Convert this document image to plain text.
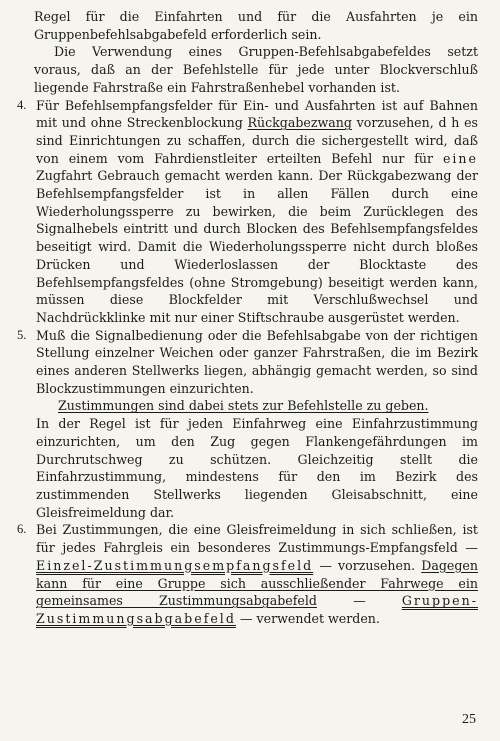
Regel für die Einfahrten und für die Ausfahrten je ein Gruppenbefehlsabgabefeld erforderlich sein.

Die Verwendung eines Gruppen-Befehlsabgabefeldes setzt voraus, daß an der Befehlstelle für jede unter Blockverschluß liegende Fahrstraße ein Fahrstraßenhebel vorhanden ist.

4. Für Befehlsempfangsfelder für Ein- und Ausfahrten ist auf Bahnen mit und ohne Streckenblockung Rückgabezwang vorzusehen, d h es sind Einrichtungen zu schaffen, durch die sichergestellt wird, daß von einem vom Fahrdienstleiter erteilten Befehl nur für eine Zugfahrt Gebrauch gemacht werden kann. Der Rückgabezwang der Befehlsempfangsfelder ist in allen Fällen durch eine Wiederholungssperre zu bewirken, die beim Zurücklegen des Signalhebels eintritt und durch Blocken des Befehlsempfangsfeldes beseitigt wird. Damit die Wiederholungssperre nicht durch bloßes Drücken und Wiederloslassen der Blocktaste des Befehlsempfangsfeldes (ohne Stromgebung) beseitigt werden kann, müssen diese Blockfelder mit Verschlußwechsel und Nachdrückklinke mit nur einer Stiftschraube ausgerüstet werden.

5. Muß die Signalbedienung oder die Befehlsabgabe von der richtigen Stellung einzelner Weichen oder ganzer Fahrstraßen, die im Bezirk eines anderen Stellwerks liegen, abhängig gemacht werden, so sind Blockzustimmungen einzurichten.

Zustimmungen sind dabei stets zur Befehlstelle zu geben.

In der Regel ist für jeden Einfahrweg eine Einfahrzustimmung einzurichten, um den Zug gegen Flankengefährdungen im Durchrutschweg zu schützen. Gleichzeitig stellt die Einfahrzustimmung, mindestens für den im Bezirk des zustimmenden Stellwerks liegenden Gleisabschnitt, eine Gleisfreimeldung dar.

6. Bei Zustimmungen, die eine Gleisfreimeldung in sich schließen, ist für jedes Fahrgleis ein besonderes Zustimmungs-Empfangsfeld — Einzel-Zustimmungsempfangsfeld — vorzusehen. Dagegen kann für eine Gruppe sich ausschließender Fahrwege ein gemeinsames Zustimmungsabgabefeld — Gruppen-Zustimmungsabgabefeld — verwendet werden.

25
